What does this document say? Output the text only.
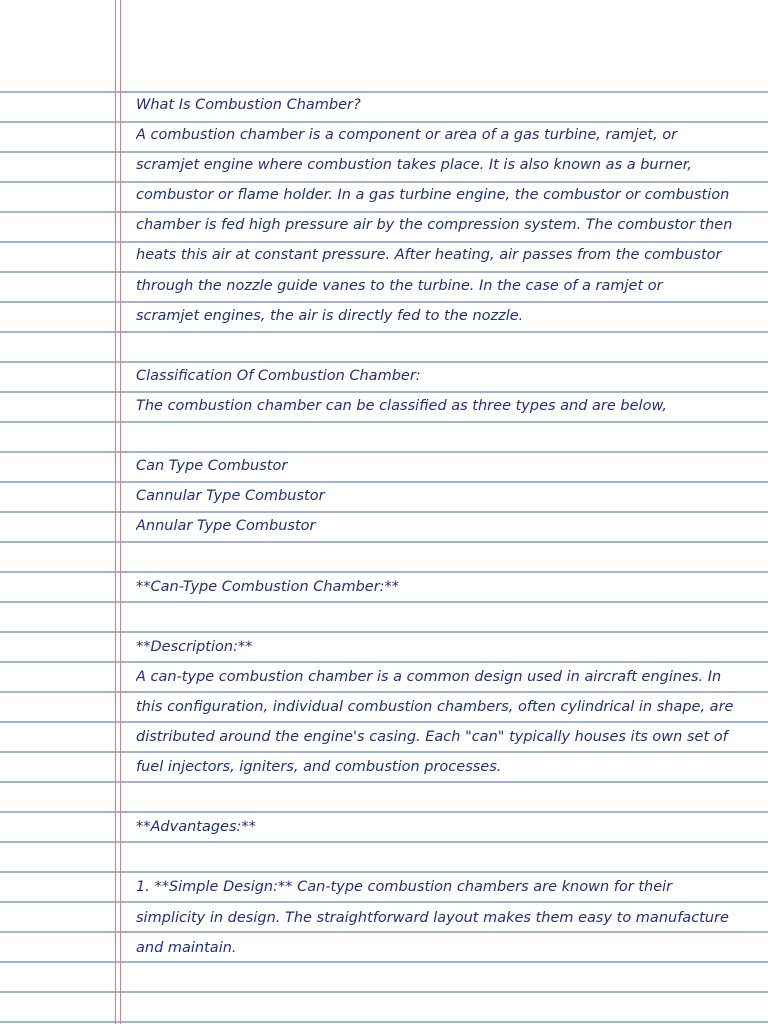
What Is Combustion Chamber?
A combustion chamber is a component or area of a gas turbine, ramjet, or
scramjet engine where combustion takes place. It is also known as a burner,
combustor or flame holder. In a gas turbine engine, the combustor or combustion
chamber is fed high pressure air by the compression system. The combustor then
heats this air at constant pressure. After heating, air passes from the combustor
through the nozzle guide vanes to the turbine. In the case of a ramjet or
scramjet engines, the air is directly fed to the nozzle.
Classification Of Combustion Chamber:
The combustion chamber can be classified as three types and are below,
Can Type Combustor
Cannular Type Combustor
Annular Type Combustor
**Can-Type Combustion Chamber:**
**Description:**
A can-type combustion chamber is a common design used in aircraft engines. In
this configuration, individual combustion chambers, often cylindrical in shape, are
distributed around the engine's casing. Each "can" typically houses its own set of
fuel injectors, igniters, and combustion processes.
**Advantages:**
1. **Simple Design:** Can-type combustion chambers are known for their
simplicity in design. The straightforward layout makes them easy to manufacture
and maintain.
